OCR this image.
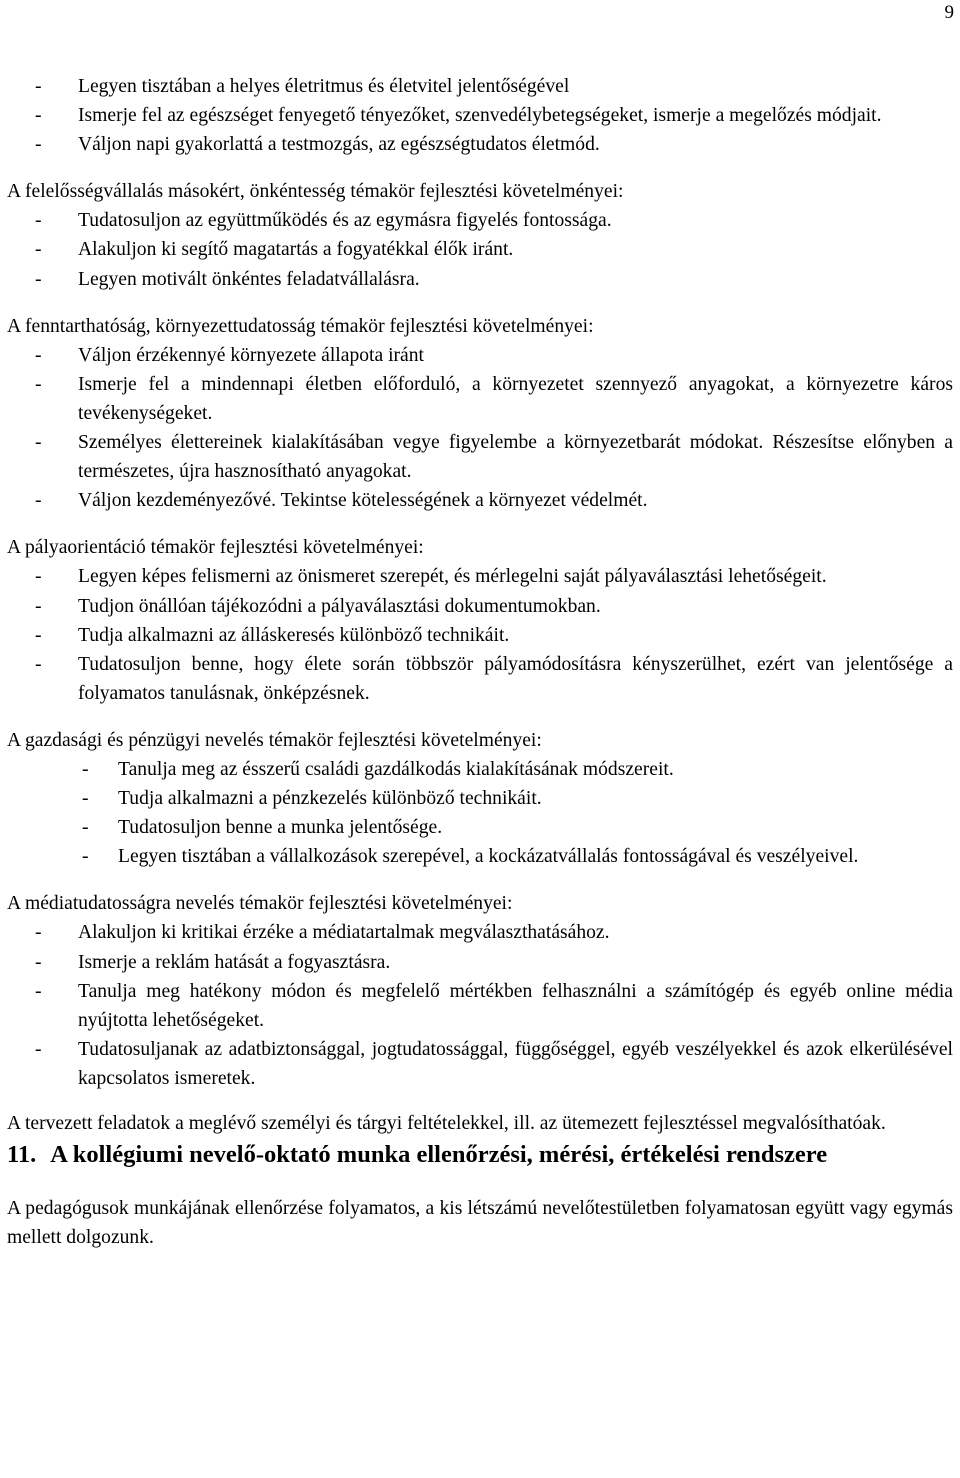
9
- Legyen tisztában a helyes életritmus és életvitel jelentőségével
- Ismerje fel az egészséget fenyegető tényezőket, szenvedélybetegségeket, ismerje a megelőzés módjait.
- Váljon napi gyakorlattá a testmozgás, az egészségtudatos életmód.

A felelősségvállalás másokért, önkéntesség témakör fejlesztési követelményei:

- Tudatosuljon az együttműködés és az egymásra figyelés fontossága.
- Alakuljon ki segítő magatartás a fogyatékkal élők iránt.
- Legyen motivált önkéntes feladatvállalásra.

A fenntarthatóság, környezettudatosság témakör fejlesztési követelményei:

- Váljon érzékennyé környezete állapota iránt
- Ismerje fel a mindennapi életben előforduló, a környezetet szennyező anyagokat, a környezetre káros tevékenységeket.
- Személyes élettereinek kialakításában vegye figyelembe a környezetbarát módokat. Részesítse előnyben a természetes, újra hasznosítható anyagokat.
- Váljon kezdeményezővé. Tekintse kötelességének a környezet védelmét.

A pályaorientáció témakör fejlesztési követelményei:

- Legyen képes felismerni az önismeret szerepét, és mérlegelni saját pályaválasztási lehetőségeit.
- Tudjon önállóan tájékozódni a pályaválasztási dokumentumokban.
- Tudja alkalmazni az álláskeresés különböző technikáit.
- Tudatosuljon benne, hogy élete során többször pályamódosításra kényszerülhet, ezért van jelentősége a folyamatos tanulásnak, önképzésnek.

A gazdasági és pénzügyi nevelés témakör fejlesztési követelményei:

- Tanulja meg az ésszerű családi gazdálkodás kialakításának módszereit.
- Tudja alkalmazni a pénzkezelés különböző technikáit.
- Tudatosuljon benne a munka jelentősége.
- Legyen tisztában a vállalkozások szerepével, a kockázatvállalás fontosságával és veszélyeivel.

A médiatudatosságra nevelés témakör fejlesztési követelményei:

- Alakuljon ki kritikai érzéke a médiatartalmak megválaszthatásához.
- Ismerje a reklám hatását a fogyasztásra.
- Tanulja meg hatékony módon és megfelelő mértékben felhasználni a számítógép és egyéb online média nyújtotta lehetőségeket.
- Tudatosuljanak az adatbiztonsággal, jogtudatossággal, függőséggel, egyéb veszélyekkel és azok elkerülésével kapcsolatos ismeretek.

A tervezett feladatok a meglévő személyi és tárgyi feltételekkel, ill. az ütemezett fejlesztéssel megvalósíthatóak.

11. A kollégiumi nevelő-oktató munka ellenőrzési, mérési, értékelési rendszere

A pedagógusok munkájának ellenőrzése folyamatos, a kis létszámú nevelőtestületben folyamatosan együtt vagy egymás mellett dolgozunk.
